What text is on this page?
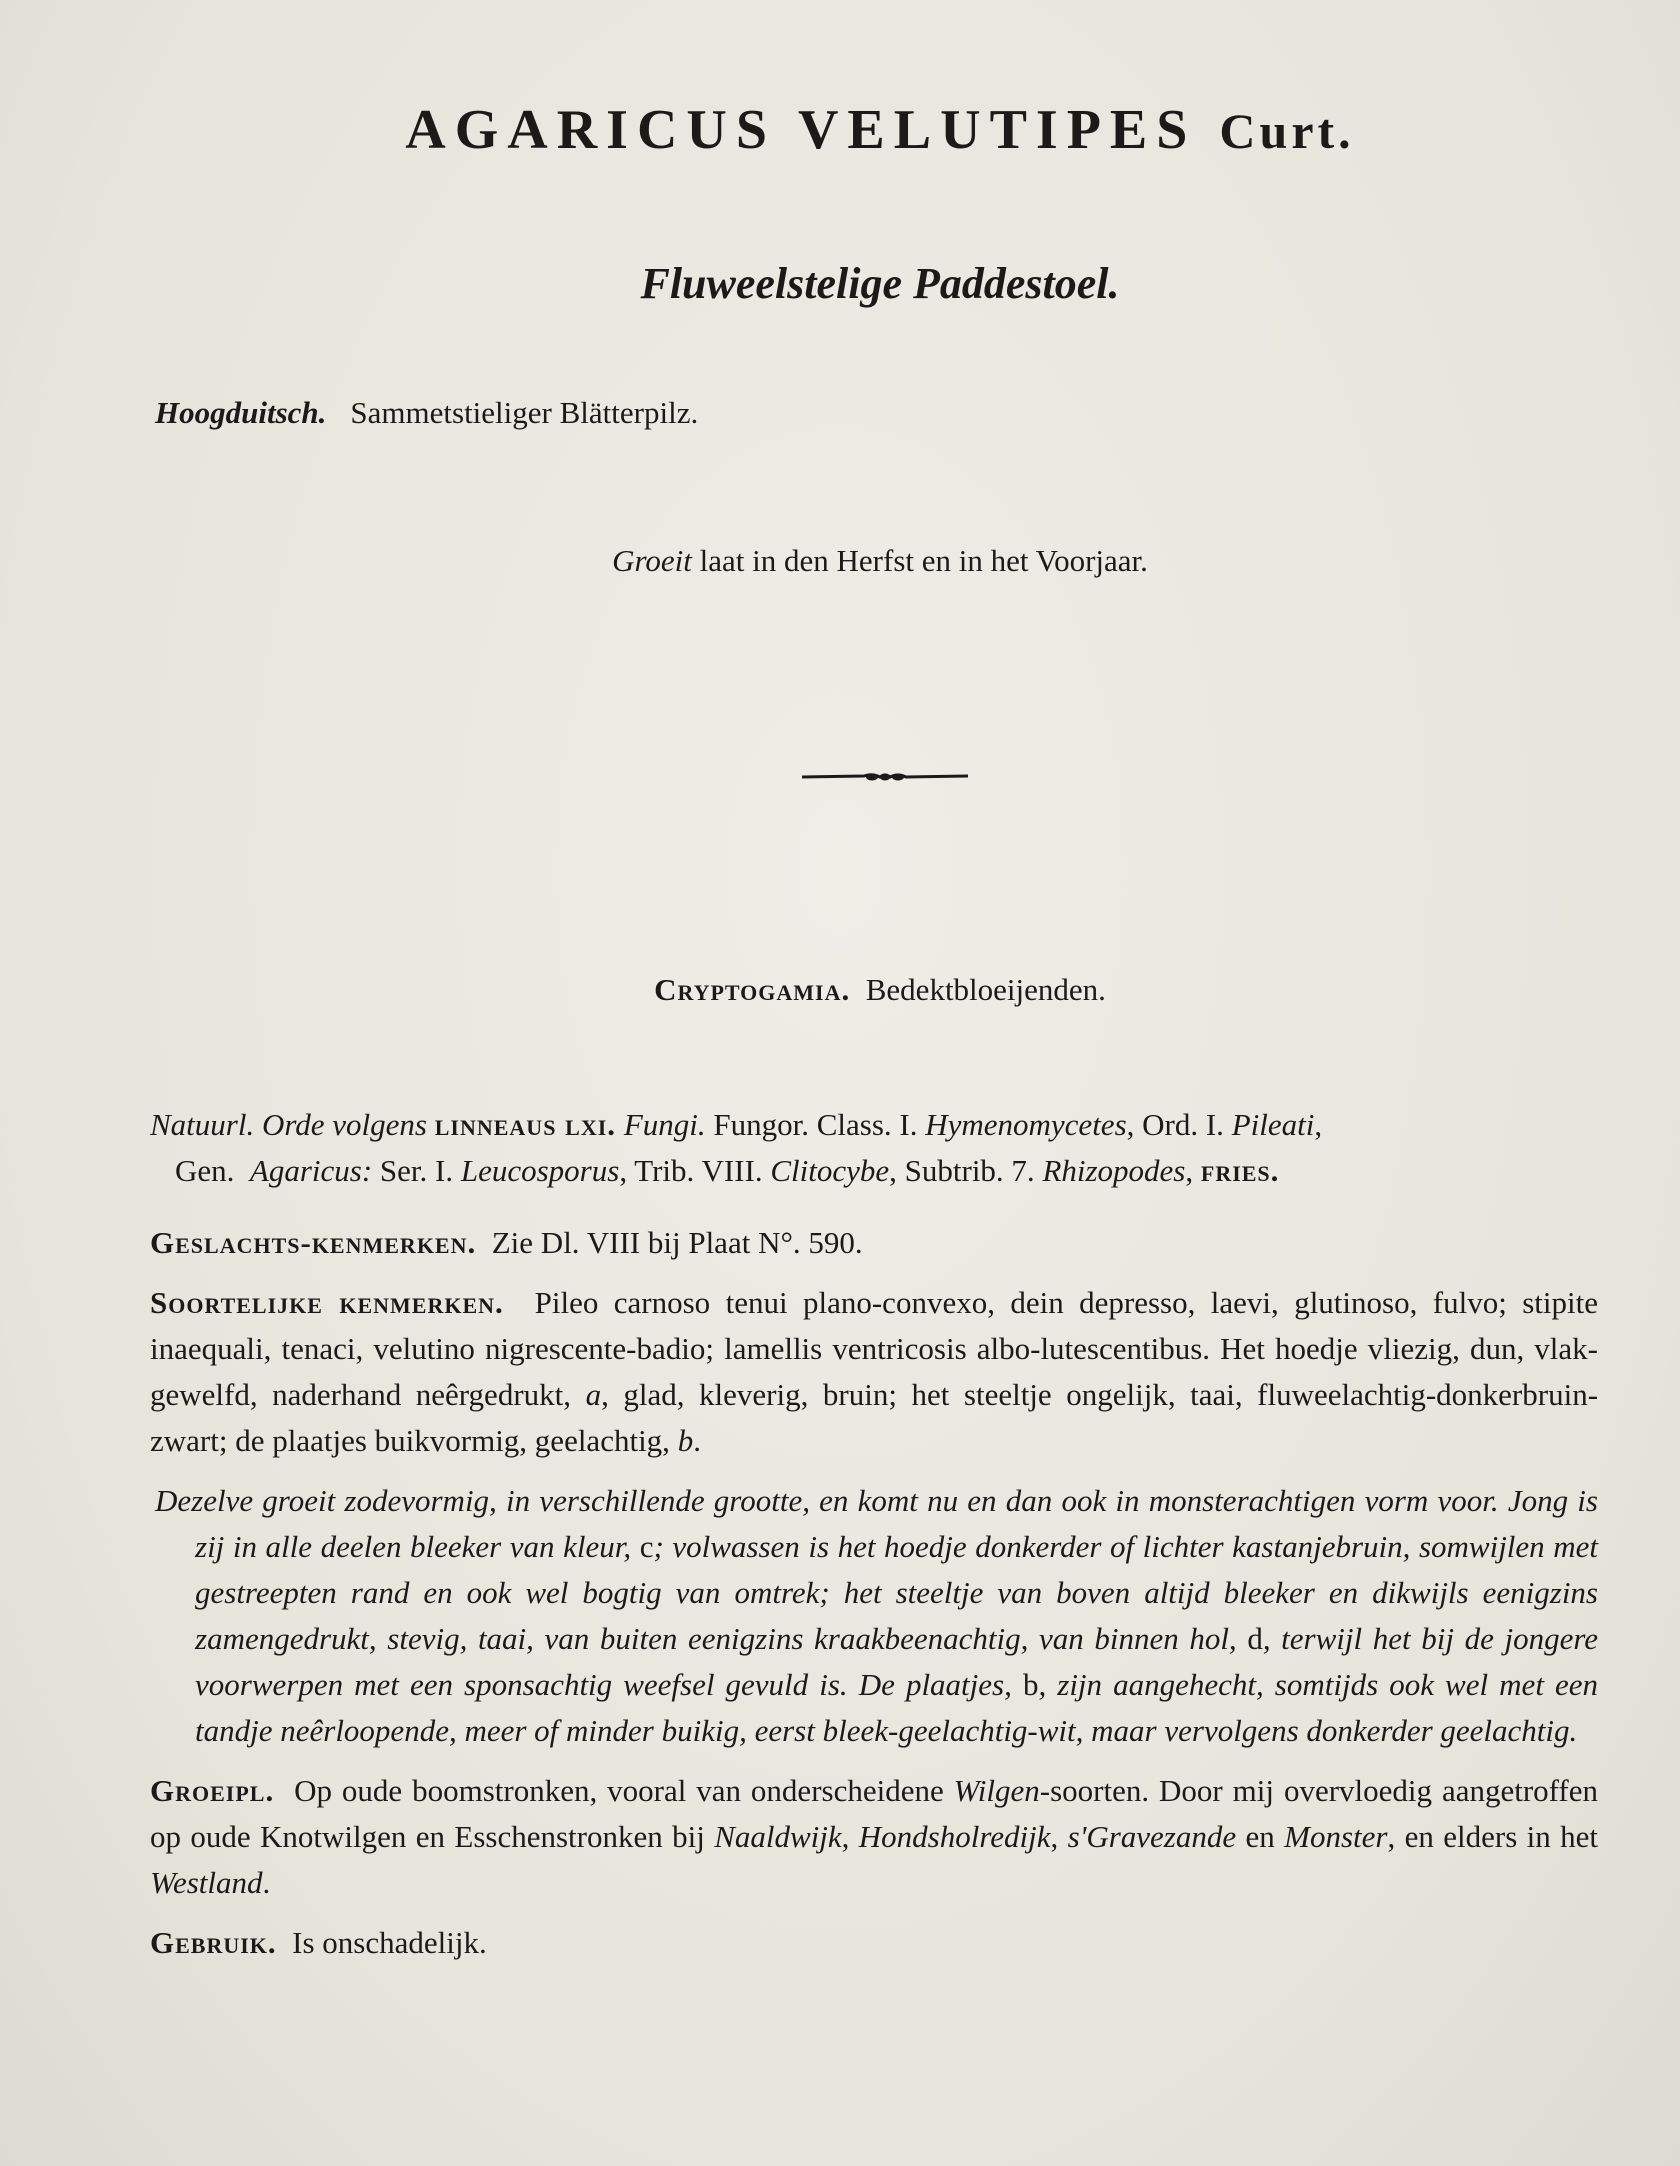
AGARICUS VELUTIPES Curt.
Fluweelstelige Paddestoel.
Hoogduitsch. Sammetstieliger Blätterpilz.
Groeit laat in den Herfst en in het Voorjaar.
Cryptogamia. Bedektbloeijenden.

Natuurl. Orde volgens linneaus lxi. Fungi. Fungor. Class. I. Hymenomycetes, Ord. I. Pileati,
Gen. Agaricus: Ser. I. Leucosporus, Trib. VIII. Clitocybe, Subtrib. 7. Rhizopodes, fries.

Geslachts-kenmerken. Zie Dl. VIII bij Plaat N°. 590.

Soortelijke kenmerken. Pileo carnoso tenui plano-convexo, dein depresso, laevi, glutinoso, fulvo; stipite inaequali, tenaci, velutino nigrescente-badio; lamellis ventricosis albo-lutescentibus. Het hoedje vliezig, dun, vlak-gewelfd, naderhand neêrgedrukt, a, glad, kleverig, bruin; het steeltje ongelijk, taai, fluweelachtig-donkerbruin-zwart; de plaatjes buikvormig, geelachtig, b.

Dezelve groeit zodevormig, in verschillende grootte, en komt nu en dan ook in monsterachtigen vorm voor. Jong is zij in alle deelen bleeker van kleur, c; volwassen is het hoedje donkerder of lichter kastanjebruin, somwijlen met gestreepten rand en ook wel bogtig van omtrek; het steeltje van boven altijd bleeker en dikwijls eenigzins zamengedrukt, stevig, taai, van buiten eenigzins kraakbeenachtig, van binnen hol, d, terwijl het bij de jongere voorwerpen met een sponsachtig weefsel gevuld is. De plaatjes, b, zijn aangehecht, somtijds ook wel met een tandje neêrloopende, meer of minder buikig, eerst bleek-geelachtig-wit, maar vervolgens donkerder geelachtig.

Groeipl. Op oude boomstronken, vooral van onderscheidene Wilgen-soorten. Door mij overvloedig aangetroffen op oude Knotwilgen en Esschenstronken bij Naaldwijk, Hondsholredijk, s'Gravezande en Monster, en elders in het Westland.

Gebruik. Is onschadelijk.
